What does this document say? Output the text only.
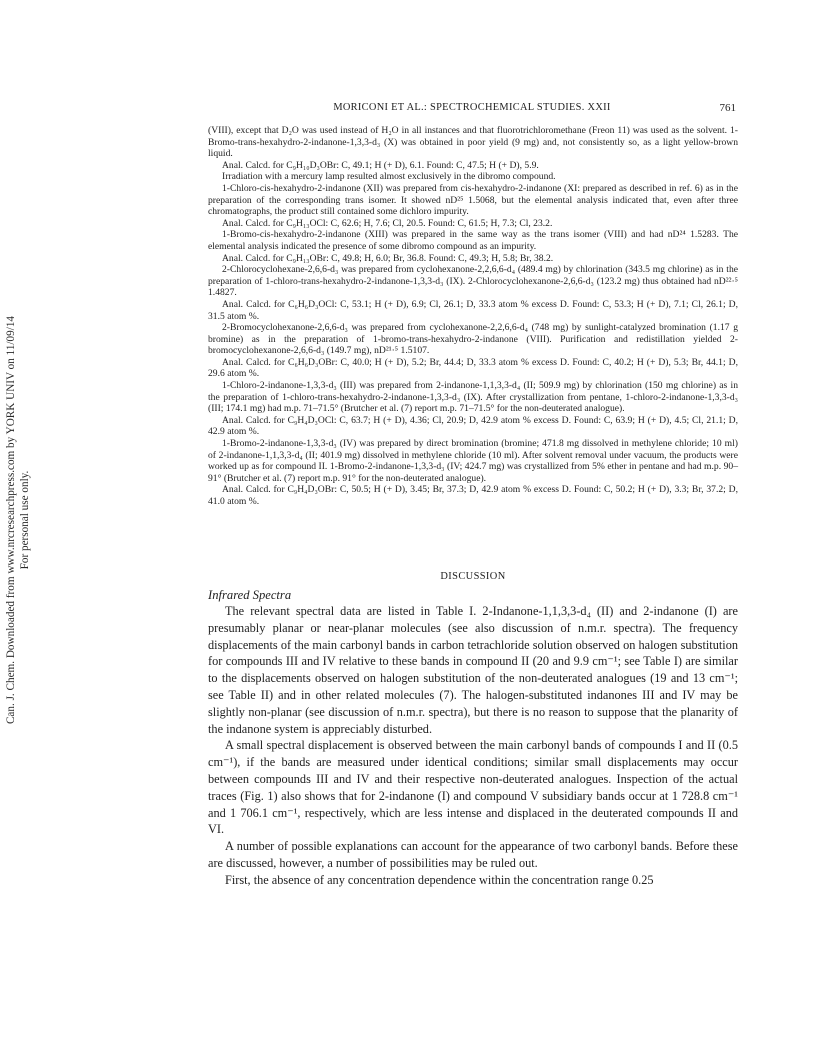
Can. J. Chem. Downloaded from www.nrcresearchpress.com by YORK UNIV on 11/09/14 For personal use only.
MORICONI ET AL.: SPECTROCHEMICAL STUDIES. XXII	761

(VIII), except that D₂O was used instead of H₂O in all instances and that fluorotrichloromethane (Freon 11) was used as the solvent. 1-Bromo-trans-hexahydro-2-indanone-1,3,3-d₃ (X) was obtained in poor yield (9 mg) and, not consistently so, as a light yellow-brown liquid.

Anal. Calcd. for C₉H₁₀D₃OBr: C, 49.1; H (+ D), 6.1. Found: C, 47.5; H (+ D), 5.9.

Irradiation with a mercury lamp resulted almost exclusively in the dibromo compound.

1-Chloro-cis-hexahydro-2-indanone (XII) was prepared from cis-hexahydro-2-indanone (XI: prepared as described in ref. 6) as in the preparation of the corresponding trans isomer. It showed nD²⁵ 1.5068, but the elemental analysis indicated that, even after three chromatographs, the product still contained some dichloro impurity.

Anal. Calcd. for C₉H₁₃OCl: C, 62.6; H, 7.6; Cl, 20.5. Found: C, 61.5; H, 7.3; Cl, 23.2.

1-Bromo-cis-hexahydro-2-indanone (XIII) was prepared in the same way as the trans isomer (VIII) and had nD²⁴ 1.5283. The elemental analysis indicated the presence of some dibromo compound as an impurity.

Anal. Calcd. for C₉H₁₃OBr: C, 49.8; H, 6.0; Br, 36.8. Found: C, 49.3; H, 5.8; Br, 38.2.

2-Chlorocyclohexane-2,6,6-d₃ was prepared from cyclohexanone-2,2,6,6-d₄ (489.4 mg) by chlorination (343.5 mg chlorine) as in the preparation of 1-chloro-trans-hexahydro-2-indanone-1,3,3-d₃ (IX). 2-Chlorocyclohexanone-2,6,6-d₃ (123.2 mg) thus obtained had nD²²·⁵ 1.4827.

Anal. Calcd. for C₆H₆D₃OCl: C, 53.1; H (+ D), 6.9; Cl, 26.1; D, 33.3 atom % excess D. Found: C, 53.3; H (+ D), 7.1; Cl, 26.1; D, 31.5 atom %.

2-Bromocyclohexanone-2,6,6-d₃ was prepared from cyclohexanone-2,2,6,6-d₄ (748 mg) by sunlight-catalyzed bromination (1.17 g bromine) as in the preparation of 1-bromo-trans-hexahydro-2-indanone (VIII). Purification and redistillation yielded 2-bromocyclohexanone-2,6,6-d₃ (149.7 mg), nD²¹·⁵ 1.5107.

Anal. Calcd. for C₆H₆D₃OBr: C, 40.0; H (+ D), 5.2; Br, 44.4; D, 33.3 atom % excess D. Found: C, 40.2; H (+ D), 5.3; Br, 44.1; D, 29.6 atom %.

1-Chloro-2-indanone-1,3,3-d₃ (III) was prepared from 2-indanone-1,1,3,3-d₄ (II; 509.9 mg) by chlorination (150 mg chlorine) as in the preparation of 1-chloro-trans-hexahydro-2-indanone-1,3,3-d₃ (IX). After crystallization from pentane, 1-chloro-2-indanone-1,3,3-d₃ (III; 174.1 mg) had m.p. 71–71.5° (Brutcher et al. (7) report m.p. 71–71.5° for the non-deuterated analogue).

Anal. Calcd. for C₉H₄D₃OCl: C, 63.7; H (+ D), 4.36; Cl, 20.9; D, 42.9 atom % excess D. Found: C, 63.9; H (+ D), 4.5; Cl, 21.1; D, 42.9 atom %.

1-Bromo-2-indanone-1,3,3-d₃ (IV) was prepared by direct bromination (bromine; 471.8 mg dissolved in methylene chloride; 10 ml) of 2-indanone-1,1,3,3-d₄ (II; 401.9 mg) dissolved in methylene chloride (10 ml). After solvent removal under vacuum, the products were worked up as for compound II. 1-Bromo-2-indanone-1,3,3-d₃ (IV; 424.7 mg) was crystallized from 5% ether in pentane and had m.p. 90–91° (Brutcher et al. (7) report m.p. 91° for the non-deuterated analogue).

Anal. Calcd. for C₉H₄D₃OBr: C, 50.5; H (+ D), 3.45; Br, 37.3; D, 42.9 atom % excess D. Found: C, 50.2; H (+ D), 3.3; Br, 37.2; D, 41.0 atom %.

DISCUSSION
Infrared Spectra

The relevant spectral data are listed in Table I. 2-Indanone-1,1,3,3-d₄ (II) and 2-indanone (I) are presumably planar or near-planar molecules (see also discussion of n.m.r. spectra). The frequency displacements of the main carbonyl bands in carbon tetrachloride solution observed on halogen substitution for compounds III and IV relative to these bands in compound II (20 and 9.9 cm⁻¹; see Table I) are similar to the displacements observed on halogen substitution of the non-deuterated analogues (19 and 13 cm⁻¹; see Table II) and in other related molecules (7). The halogen-substituted indanones III and IV may be slightly non-planar (see discussion of n.m.r. spectra), but there is no reason to suppose that the planarity of the indanone system is appreciably disturbed.

A small spectral displacement is observed between the main carbonyl bands of compounds I and II (0.5 cm⁻¹), if the bands are measured under identical conditions; similar small displacements may occur between compounds III and IV and their respective non-deuterated analogues. Inspection of the actual traces (Fig. 1) also shows that for 2-indanone (I) and compound V subsidiary bands occur at 1 728.8 cm⁻¹ and 1 706.1 cm⁻¹, respectively, which are less intense and displaced in the deuterated compounds II and VI.

A number of possible explanations can account for the appearance of two carbonyl bands. Before these are discussed, however, a number of possibilities may be ruled out.

First, the absence of any concentration dependence within the concentration range 0.25
